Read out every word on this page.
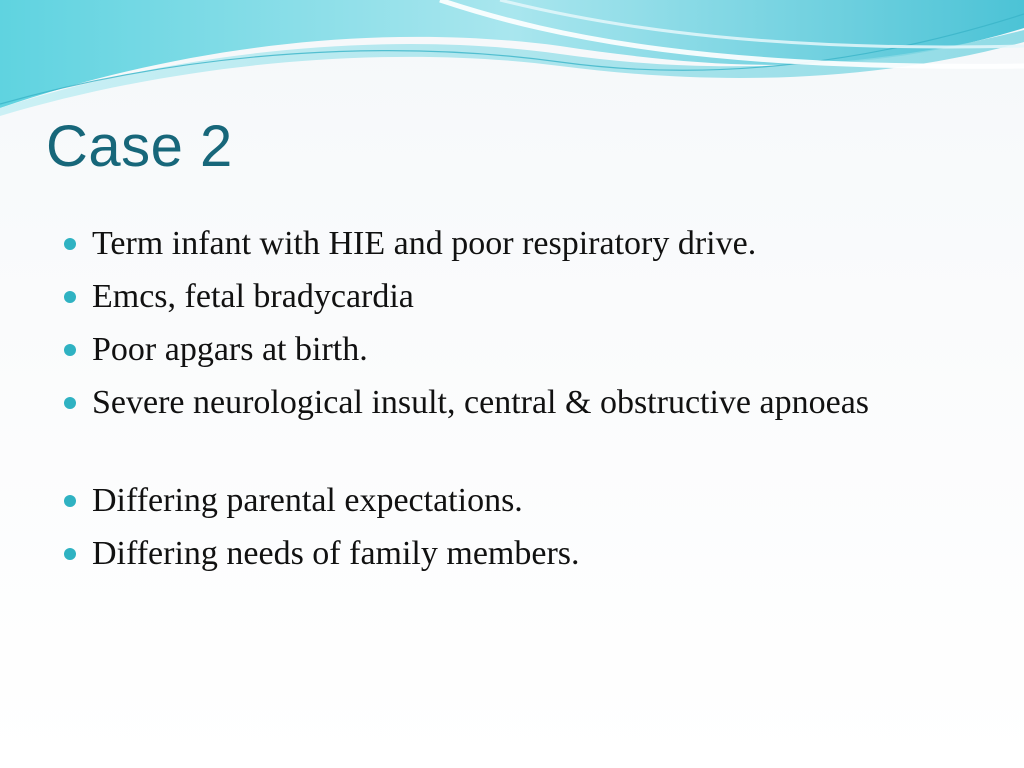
Case 2
Term infant with HIE and poor respiratory drive.
Emcs, fetal bradycardia
Poor apgars at birth.
Severe neurological insult, central & obstructive apnoeas
Differing parental expectations.
Differing needs of family members.
